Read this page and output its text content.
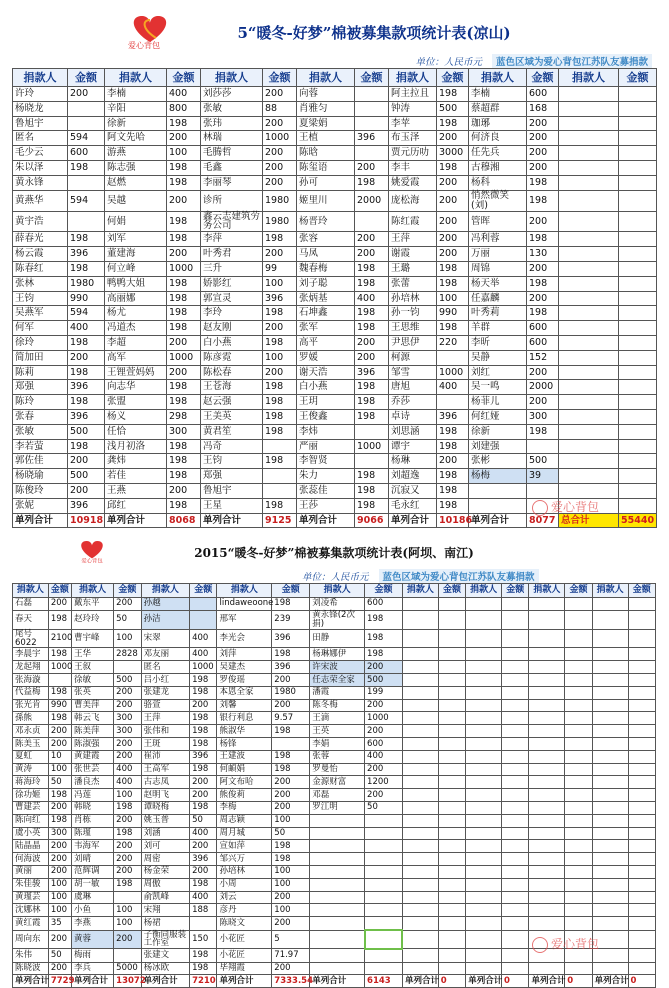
爱心背包
5“暖冬-好梦”棉被募集款项统计表(凉山)
单位：人民币元	蓝色区域为爱心背包江苏队友募捐款
捐款人	金额	捐款人	金额	捐款人	金额	捐款人	金额	捐款人	金额	捐款人	金额	捐款人	金额
许玲	200	李楠	400	刘莎莎	200	向蓉		阿主拉且	198	李楠	600		
杨晓龙		辛阳	800	张敏	88	肖雅匀		钟涛	500	蔡超群	168		
鲁旭宇		徐新	198	张玮	200	夏梁娟		李苹	198	珈琊	200		
匿名	594	阿文先哈	200	林瑞	1000	王植	396	布玉泽	200	何济良	200		
毛少云	600	游燕	100	毛腾哲	200	陈晗		贾元历叻	3000	任先兵	200		
朱以泽	198	陈志强	198	毛鑫	200	陈玺语	200	李丰	198	古穆湘	200		
黄永锋		赵燃	198	李丽琴	200	孙可	198	姚爱霞	200	杨科	198		
黄燕华	594	吴越	200	诊所	1980	姬里川	2000	庞松海	200	悄然微笑(刘)	198		
黄宇浩		何娟	198	鑫云志建筑劳务公司	1980	杨晋玲		陈红霞	200	管晖	200		
薛春光	198	刘军	198	李萍	198	张容	200	王萍	200	冯利蓉	198		
杨云霞	396	董建海	200	叶秀君	200	马凤	200	谢霞	200	万丽	130		
陈春红	198	何立峰	1000	三升	99	魏春梅	198	王璐	198	周锦	200		
张林	1980	鸭鸭大姐	198	娇影红	100	刘子聪	198	张蕾	198	杨天举	198		
王钧	990	高丽娜	198	郭宣灵	396	张炳基	400	孙培林	100	任嘉麟	200		
吴燕军	594	杨尤	198	李玲	198	石坤鑫	198	孙一钧	990	叶秀莉	198		
何军	400	冯道杰	198	赵友刚	200	张军	198	王思维	198	羊群	600		
徐玲	198	李超	200	白小燕	198	高平	200	尹思伊	220	李昕	600		
简加田	200	高军	1000	陈彦霓	100	罗媛	200	柯源		吴静	152		
陈莉	198	王锂萱妈妈	200	陈松春	200	谢天浩	396	邹雪	1000	刘红	200		
郑强	396	向志华	198	王苍海	198	白小燕	198	唐旭	400	吴一鸣	2000		
陈玲	198	张盟	198	赵云强	198	王玥	198	乔莎		杨菲儿	200		
张春	396	杨义	298	王美英	198	王俊鑫	198	卓诗	396	何红娅	300		
张敏	500	任恰	300	黄君笙	198	李炜		刘思涵	198	徐新	198		
李若萤	198	浅月初洛	198	冯奇		严丽	1000	谭宇	198	刘建强			
郭佐佳	200	龚炜	198	王钧	198	李智贤		杨琳	200	张彬	500		
杨晓瑜	500	若佳	198	郑强		朱力	198	刘超逸	198	杨梅	39		
陈俊玲	200	王燕	200	鲁旭宇		张蕊佳	198	沉寂又	198				
张妮	396	邱红	198	王星	198	王莎	198	毛永红	198				
单列合计	10918	单列合计	8068	单列合计	9125	单列合计	9066	单列合计	10186	单列合计	8077	总合计	55440
爱心背包
爱心背包
2015“暖冬-好梦”棉被募集款项统计表(阿坝、南江)
单位：人民币元	蓝色区域为爱心背包江苏队友募捐款
捐款人	金额	捐款人	金额	捐款人	金额	捐款人	金额	捐款人	金额	捐款人	金额	捐款人	金额	捐款人	金额	捐款人	金额
石磊	200	戴东平	200	孙越		lindaweoone	198	刘凌希	600								
春天	198	赵玲玲	50	孙洁		邢军	239	黄永锋(2次捐)	198								
尾号6022	2100	曹宇峰	100	宋翠	400	李光会	396	田静	198								
李晨宇	198	王华	2828	邓友丽	400	刘萍	198	杨琳娜伊	198								
龙起翔	1000	王叙		匿名	1000	吴建杰	396	许宋波	200								
张海漩		徐敏	500	吕小红	198	罗俊瑶	200	任志荣全家	500								
代益梅	198	张英	200	张建龙	198	本恩全家	1980	潘霞	199								
张光肯	990	曹美萍	200	骆萱	200	刘馨	200	陈冬梅	200								
孫熊	198	韩云飞	300	王萍	198	银行利息	9.57	王滴	1000								
邓永贞	200	陈美萍	300	张伟和	198	熊淑华	198	王英	200								
陈美玉	200	陈淑强	200	王斑	198	杨锋		李娟	600								
夏虹	10	黄建霞	200	崔沛	396	王建波	198	张蓉	400								
黄涛	100	张世芸	400	王高军	198	何頔娟	198	罗曼怡	200								
蒋海玲	50	潘良杰	400	古志凤	200	阿文布哈	200	金源财富	1200								
徐功姬	198	冯莲	100	赵明飞	200	熊俊莉	200	邓磊	200								
曹建芸	200	韩晓	198	谭晓梅	198	李梅	200	罗江明	50								
陈向红	198	肖栋	200	姚玉普	50	周志颖	100										
虞小英	300	陈瑾	198	刘涵	400	周月城	50										
陆晶晶	200	韦海军	200	刘可	200	宣如萍	198										
何海波	200	刘晴	200	周密	396	邹兴万	198										
黄丽	200	范辉调	200	杨金荣	200	孙培林	100										
朱佳骏	100	胡一敏	198	周傲	198	小周	100										
黄瑾芸	100	虞琳		俞凯峰	400	刘云	200										
沈娜林	100	小鱼	100	宋翔	188	彦丹	100										
黄红霞	35	李燕	100	杨裙		陈晓文	200										
周向东	200	黄蓉	200	子衡同服装工作室	150	小花匠	5										
朱伟	50	梅雨		张建文	198	小花匠	71.97										
陈晓波	200	李兵	5000	杨冰欧	198	毕翔霞	200										
单列合计	7729	单列合计	13072	单列合计	7210	单列合计	7333.54	单列合计	6143	单列合计	0	单列合计	0	单列合计	0	单列合计	0
爱心背包
